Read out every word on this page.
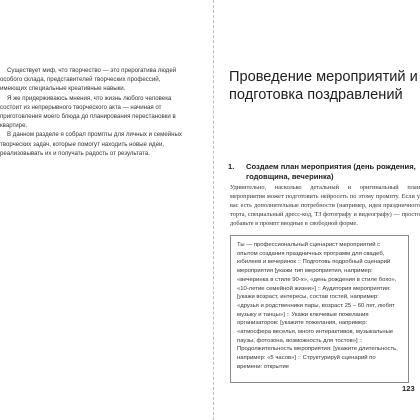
Существует миф, что творчество — это прерогатива людей особого склада, представителей творческих профессий, имеющих специальные креативные навыки.

Я же придерживаюсь мнения, что жизнь любого человека состоит из непрерывного творческого акта — начиная от приготовления моего блюда до планирования перестановки в квартире.

В данном разделе я собрал промпты для личных и семейных творческих задач, которые помогут находить новые идеи, реализовывать их и получать радость от результата.

Проведение мероприятий и подготовка поздравлений
1.	Создаем план мероприятия (день рождения, годовщина, вечеринка)

Удивительно, насколько детальный и оригинальный план мероприятия может подготовить нейросеть по этому промпту. Если у вас есть дополнительные потребности (например, идея праздничного торта, специальный дресс-код, ТЗ фотографу и видеографу) — просто добавьте в промпт вводные в свободной форме.

Ты — профессиональный сценарист мероприятий с опытом создания праздничных программ для свадеб, юбилеев и вечеринок :: Подготовь подробный сценарий мероприятия [укажи тип мероприятия, например: «вечеринка в стиле 90-х», «день рождения в стиле бохо», «10-летие семейной жизни»] :: Аудитория мероприятия: [укажи возраст, интересы, состав гостей, например: «друзья и родственники пары, возраст 25 – 60 лет, любят музыку и танцы»] :: Укажи ключевые пожелания организаторов: [укажите пожелания, например: «атмосфера веселья, много интерактивов, музыкальные паузы, фотозона, возможность для тостов»] :: Продолжительность мероприятия: [укажите длительность, например: «5 часов»] :: Структурируй сценарий по времени: открытие

123
